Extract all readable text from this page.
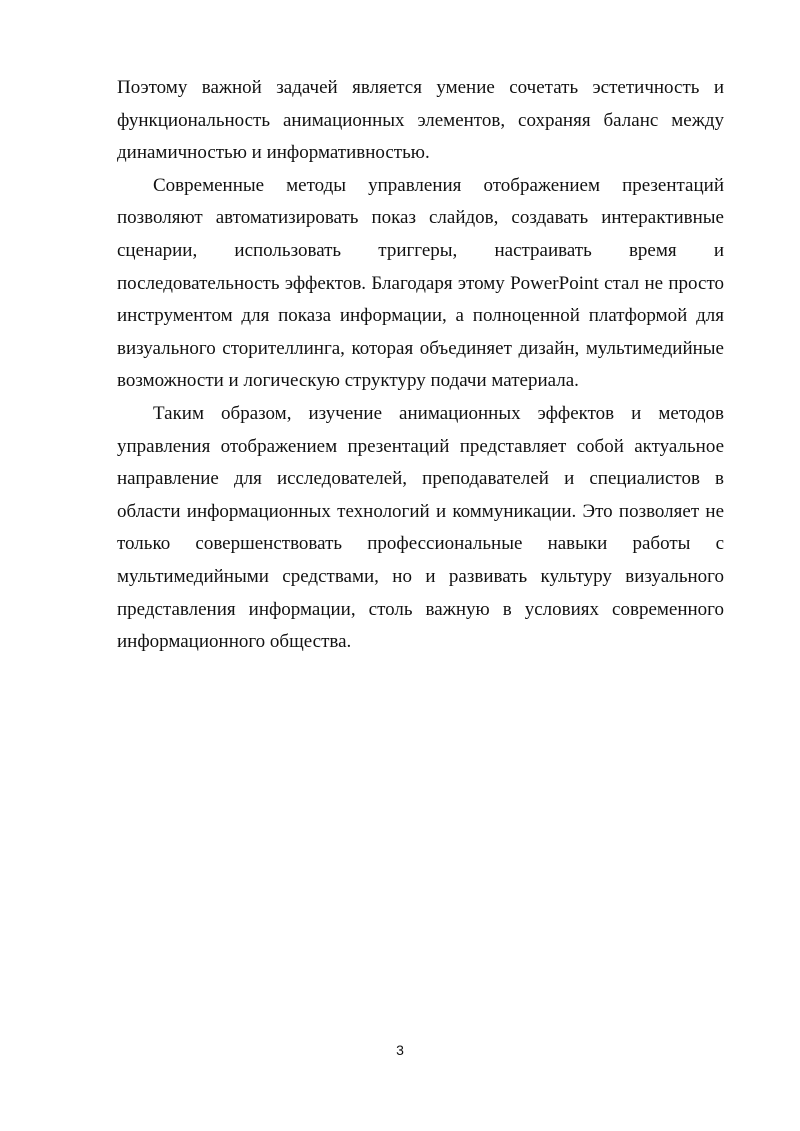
Поэтому важной задачей является умение сочетать эстетичность и функциональность анимационных элементов, сохраняя баланс между динамичностью и информативностью.

Современные методы управления отображением презентаций позволяют автоматизировать показ слайдов, создавать интерактивные сценарии, использовать триггеры, настраивать время и последовательность эффектов. Благодаря этому PowerPoint стал не просто инструментом для показа информации, а полноценной платформой для визуального сторителлинга, которая объединяет дизайн, мультимедийные возможности и логическую структуру подачи материала.

Таким образом, изучение анимационных эффектов и методов управления отображением презентаций представляет собой актуальное направление для исследователей, преподавателей и специалистов в области информационных технологий и коммуникации. Это позволяет не только совершенствовать профессиональные навыки работы с мультимедийными средствами, но и развивать культуру визуального представления информации, столь важную в условиях современного информационного общества.

3
